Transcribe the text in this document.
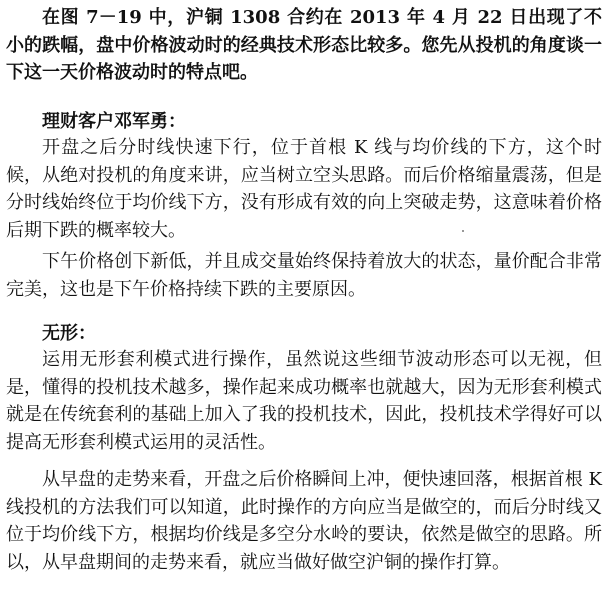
在图 7－19 中，沪铜 1308 合约在 2013 年 4 月 22 日出现了不小的跌幅，盘中价格波动时的经典技术形态比较多。您先从投机的角度谈一下这一天价格波动时的特点吧。
理财客户邓军勇：
开盘之后分时线快速下行，位于首根 K 线与均价线的下方，这个时候，从绝对投机的角度来讲，应当树立空头思路。而后价格缩量震荡，但是分时线始终位于均价线下方，没有形成有效的向上突破走势，这意味着价格后期下跌的概率较大。
下午价格创下新低，并且成交量始终保持着放大的状态，量价配合非常完美，这也是下午价格持续下跌的主要原因。
无形：
运用无形套利模式进行操作，虽然说这些细节波动形态可以无视，但是，懂得的投机技术越多，操作起来成功概率也就越大，因为无形套利模式就是在传统套利的基础上加入了我的投机技术，因此，投机技术学得好可以提高无形套利模式运用的灵活性。
从早盘的走势来看，开盘之后价格瞬间上冲，便快速回落，根据首根 K 线投机的方法我们可以知道，此时操作的方向应当是做空的，而后分时线又位于均价线下方，根据均价线是多空分水岭的要诀，依然是做空的思路。所以，从早盘期间的走势来看，就应当做好做空沪铜的操作打算。
